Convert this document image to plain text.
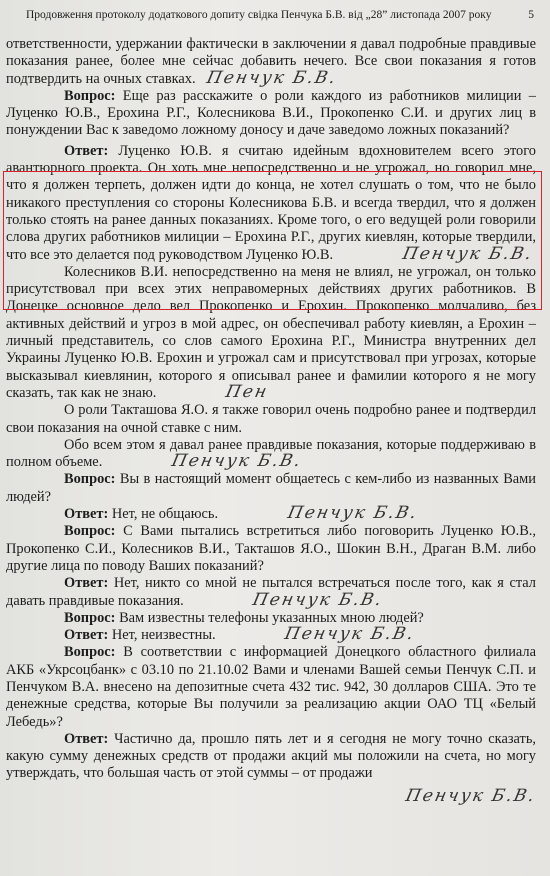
Продовження протоколу додаткового допиту свідка Пенчука Б.В. від „28” листопада 2007 року	5

ответственности, удержании фактически в заключении я давал подробные правдивые показания ранее, более мне сейчас добавить нечего. Все свои показания я готов подтвердить на очных ставках. Пенчук Б.В.

Вопрос: Еще раз расскажите о роли каждого из работников милиции – Луценко Ю.В., Ерохина Р.Г., Колесникова В.И., Прокопенко С.И. и других лиц в понуждении Вас к заведомо ложному доносу и даче заведомо ложных показаний?

Ответ: Луценко Ю.В. я считаю идейным вдохновителем всего этого авантюрного проекта. Он хоть мне непосредственно и не угрожал, но говорил мне, что я должен терпеть, должен идти до конца, не хотел слушать о том, что не было никакого преступления со стороны Колесникова Б.В. и всегда твердил, что я должен только стоять на ранее данных показаниях. Кроме того, о его ведущей роли говорили слова других работников милиции – Ерохина Р.Г., других киевлян, которые твердили, что все это делается под руководством Луценко Ю.В.	Пенчук Б.В.

Колесников В.И. непосредственно на меня не влиял, не угрожал, он только присутствовал при всех этих неправомерных действиях других работников. В Донецке основное дело вел Прокопенко и Ерохин. Прокопенко молчаливо, без активных действий и угроз в мой адрес, он обеспечивал работу киевлян, а Ерохин – личный представитель, со слов самого Ерохина Р.Г., Министра внутренних дел Украины Луценко Ю.В. Ерохин и угрожал сам и присутствовал при угрозах, которые высказывал киевлянин, которого я описывал ранее и фамилии которого я не могу сказать, так как не знаю.	Пен

О роли Такташова Я.О. я также говорил очень подробно ранее и подтвердил свои показания на очной ставке с ним.

Обо всем этом я давал ранее правдивые показания, которые поддерживаю в полном объеме.	Пенчук Б.В.

Вопрос: Вы в настоящий момент общаетесь с кем-либо из названных Вами людей?

Ответ: Нет, не общаюсь.	Пенчук Б.В.

Вопрос: С Вами пытались встретиться либо поговорить Луценко Ю.В., Прокопенко С.И., Колесников В.И., Такташов Я.О., Шокин В.Н., Драган В.М. либо другие лица по поводу Ваших показаний?

Ответ: Нет, никто со мной не пытался встречаться после того, как я стал давать правдивые показания.	Пенчук Б.В.

Вопрос: Вам известны телефоны указанных мною людей?

Ответ: Нет, неизвестны.	Пенчук Б.В.

Вопрос: В соответствии с информацией Донецкого областного филиала АКБ «Укрсоцбанк» с 03.10 по 21.10.02 Вами и членами Вашей семьи Пенчук С.П. и Пенчуком В.А. внесено на депозитные счета 432 тис. 942, 30 долларов США. Это те денежные средства, которые Вы получили за реализацию акции ОАО ТЦ «Белый Лебедь»?

Ответ: Частично да, прошло пять лет и я сегодня не могу точно сказать, какую сумму денежных средств от продажи акций мы положили на счета, но могу утверждать, что большая часть от этой суммы – от продажи

Пенчук Б.В.
